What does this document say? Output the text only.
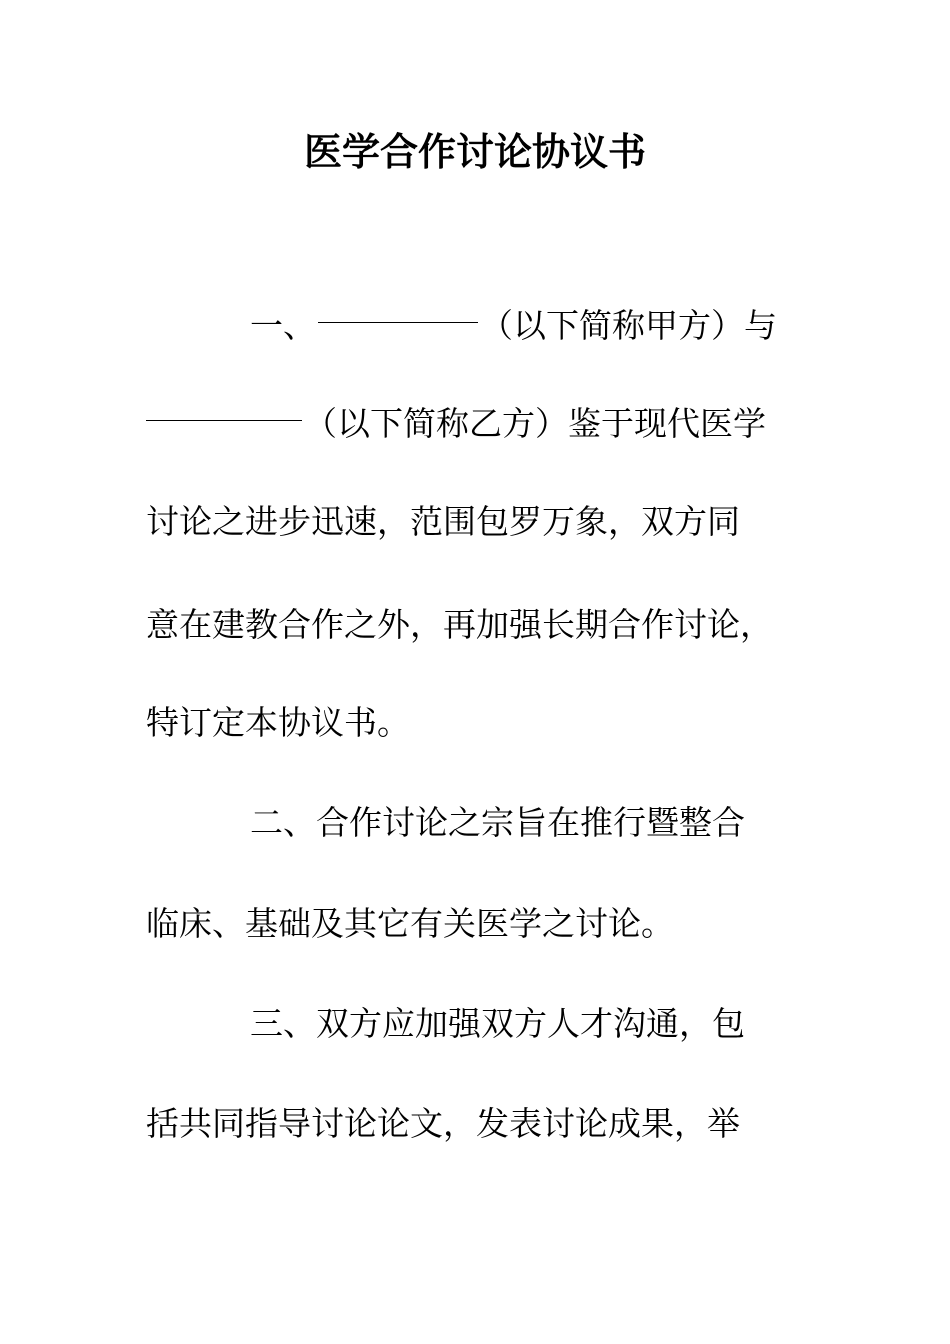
医学合作讨论协议书
一、	（以下简称甲方）与
（以下简称乙方）鉴于现代医学
讨论之进步迅速，范围包罗万象，双方同
意在建教合作之外，再加强长期合作讨论，
特订定本协议书。
二、合作讨论之宗旨在推行暨整合
临床、基础及其它有关医学之讨论。
三、双方应加强双方人才沟通，包
括共同指导讨论论文，发表讨论成果，举
